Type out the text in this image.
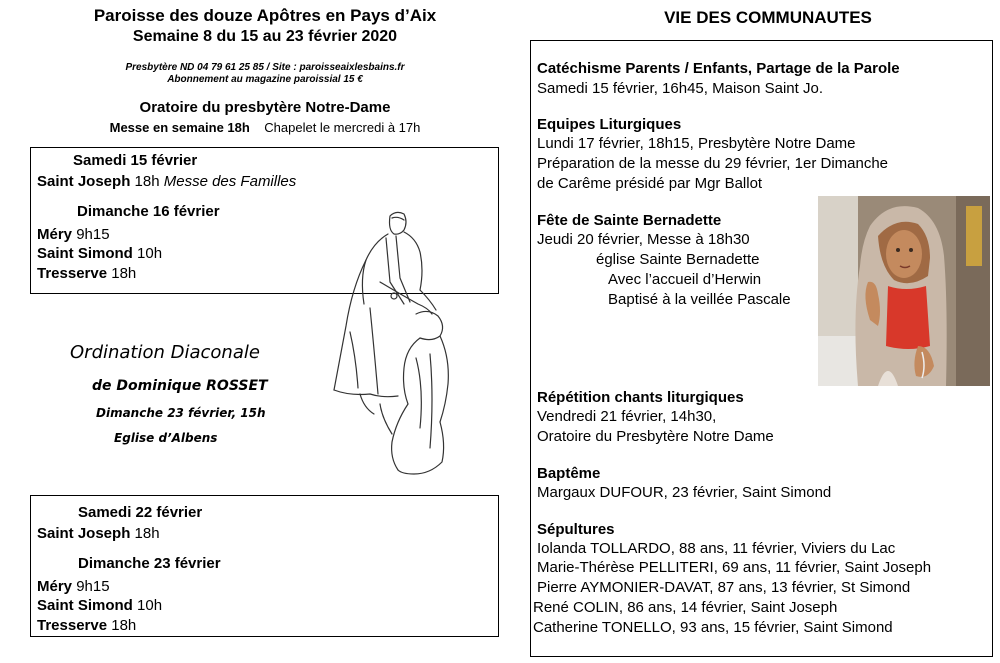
Paroisse des douze Apôtres en Pays d’Aix
Semaine 8 du 15 au 23 février 2020
Presbytère ND 04 79 61 25 85 / Site : paroisseaixlesbains.fr
Abonnement au magazine paroissial 15 €
Oratoire du presbytère Notre-Dame
Messe en semaine 18h Chapelet le mercredi à 17h
Samedi 15 février
Saint Joseph 18h Messe des Familles
Dimanche 16 février
Méry 9h15
Saint Simond 10h
Tresserve 18h
Ordination Diaconale
de Dominique ROSSET
Dimanche 23 février, 15h
Eglise d’Albens
Samedi 22 février
Saint Joseph 18h
Dimanche 23 février
Méry 9h15
Saint Simond 10h
Tresserve 18h
VIE DES COMMUNAUTES
Catéchisme Parents / Enfants, Partage de la Parole
Samedi 15 février, 16h45, Maison Saint Jo.
Equipes Liturgiques
Lundi 17 février, 18h15, Presbytère Notre Dame
Préparation de la messe du 29 février, 1er Dimanche
de Carême présidé par Mgr Ballot
Fête de Sainte Bernadette
Jeudi 20 février, Messe à 18h30
église Sainte Bernadette
Avec l’accueil d’Herwin
Baptisé à la veillée Pascale
Répétition chants liturgiques
Vendredi 21 février, 14h30,
Oratoire du Presbytère Notre Dame
Baptême
Margaux DUFOUR, 23 février, Saint Simond
Sépultures
Iolanda TOLLARDO, 88 ans, 11 février, Viviers du Lac
Marie-Thérèse PELLITERI, 69 ans, 11 février, Saint Joseph
Pierre AYMONIER-DAVAT, 87 ans, 13 février, St Simond
René COLIN, 86 ans, 14 février, Saint Joseph
Catherine TONELLO, 93 ans, 15 février, Saint Simond
